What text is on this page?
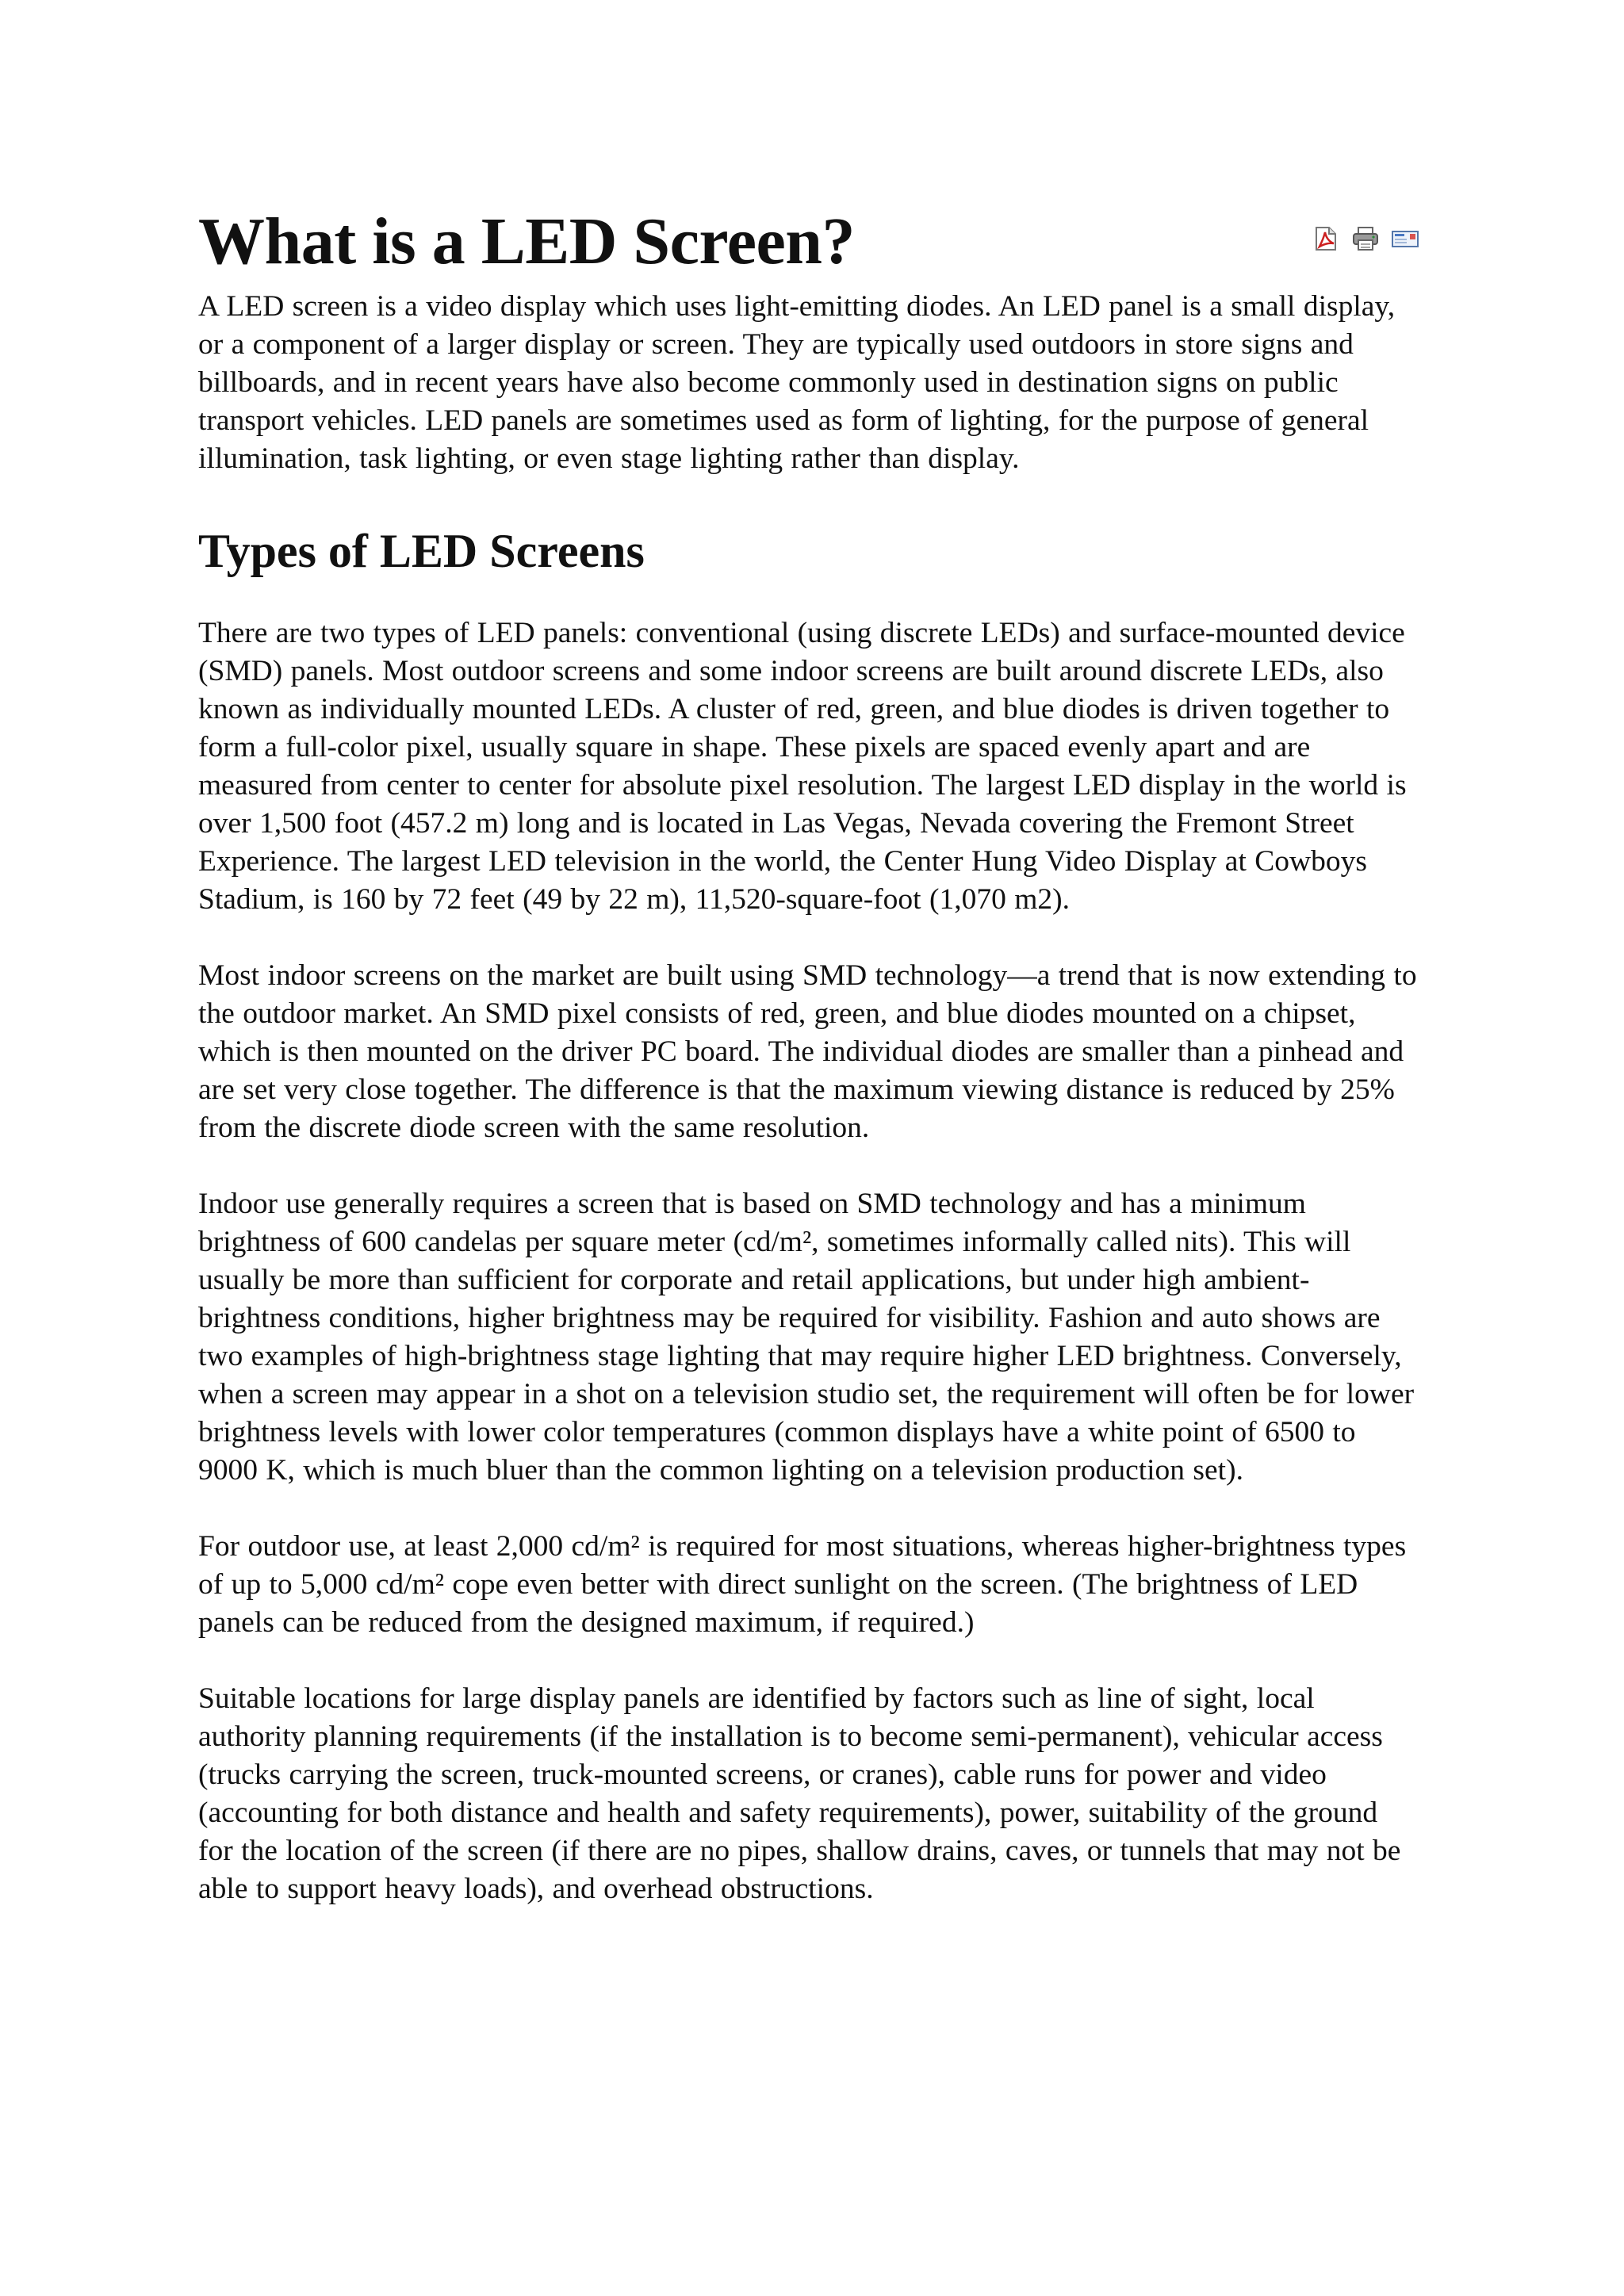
What is a LED Screen?

A LED screen is a video display which uses light-emitting diodes. An LED panel is a small display, or a component of a larger display or screen. They are typically used outdoors in store signs and billboards, and in recent years have also become commonly used in destination signs on public transport vehicles. LED panels are sometimes used as form of lighting, for the purpose of general illumination, task lighting, or even stage lighting rather than display.

Types of LED Screens

There are two types of LED panels: conventional (using discrete LEDs) and surface-mounted device (SMD) panels. Most outdoor screens and some indoor screens are built around discrete LEDs, also known as individually mounted LEDs. A cluster of red, green, and blue diodes is driven together to form a full-color pixel, usually square in shape. These pixels are spaced evenly apart and are measured from center to center for absolute pixel resolution. The largest LED display in the world is over 1,500 foot (457.2 m) long and is located in Las Vegas, Nevada covering the Fremont Street Experience. The largest LED television in the world, the Center Hung Video Display at Cowboys Stadium, is 160 by 72 feet (49 by 22 m), 11,520-square-foot (1,070 m2).

Most indoor screens on the market are built using SMD technology—a trend that is now extending to the outdoor market. An SMD pixel consists of red, green, and blue diodes mounted on a chipset, which is then mounted on the driver PC board. The individual diodes are smaller than a pinhead and are set very close together. The difference is that the maximum viewing distance is reduced by 25% from the discrete diode screen with the same resolution.

Indoor use generally requires a screen that is based on SMD technology and has a minimum brightness of 600 candelas per square meter (cd/m², sometimes informally called nits). This will usually be more than sufficient for corporate and retail applications, but under high ambient-brightness conditions, higher brightness may be required for visibility. Fashion and auto shows are two examples of high-brightness stage lighting that may require higher LED brightness. Conversely, when a screen may appear in a shot on a television studio set, the requirement will often be for lower brightness levels with lower color temperatures (common displays have a white point of 6500 to 9000 K, which is much bluer than the common lighting on a television production set).

For outdoor use, at least 2,000 cd/m² is required for most situations, whereas higher-brightness types of up to 5,000 cd/m² cope even better with direct sunlight on the screen. (The brightness of LED panels can be reduced from the designed maximum, if required.)

Suitable locations for large display panels are identified by factors such as line of sight, local authority planning requirements (if the installation is to become semi-permanent), vehicular access (trucks carrying the screen, truck-mounted screens, or cranes), cable runs for power and video (accounting for both distance and health and safety requirements), power, suitability of the ground for the location of the screen (if there are no pipes, shallow drains, caves, or tunnels that may not be able to support heavy loads), and overhead obstructions.
